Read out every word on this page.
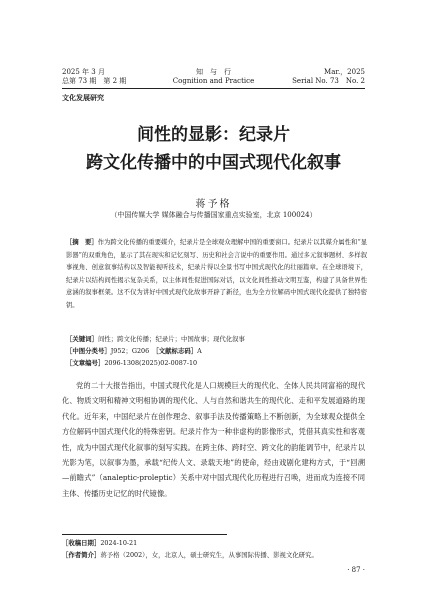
2025 年 3 月
总第 73 期　第 2 期
知　与　行
Cognition and Practice
Mar.，2025
Serial No. 73　No. 2
文化发展研究
间性的显影：纪录片
跨文化传播中的中国式现代化叙事
蒋予格
（中国传媒大学 媒体融合与传播国家重点实验室，北京 100024）
［摘　要］作为跨文化传播的重要媒介，纪录片是全球观众理解中国的重要窗口。纪录片以其媒介属性和“显影器”的双重角色，显示了其在现实和记忆刻写、历史和社会言说中的重要作用。通过多元叙事题材、多样叙事视角、创意叙事结构以及智能视听技术，纪录片得以全景书写中国式现代化的壮丽篇章。在全球语境下，纪录片以结构间性揭示复杂关系，以主体间性促进国际对话，以文化间性推动文明互鉴，构建了具备世界性意涵的叙事框架。这不仅为讲好中国式现代化故事开辟了新径，也为全方位解码中国式现代化提供了独特密钥。
［关键词］间性；跨文化传播；纪录片；中国故事；现代化叙事
［中图分类号］J952；G206　 ［文献标志码］A
［文章编号］2096-1308(2025)02-0087-10
党的二十大报告指出，中国式现代化是人口规模巨大的现代化、全体人民共同富裕的现代化、物质文明和精神文明相协调的现代化、人与自然和谐共生的现代化、走和平发展道路的现代化。近年来，中国纪录片在创作理念、叙事手法及传播策略上不断创新，为全球观众提供全方位解码中国式现代化的特殊密钥。纪录片作为一种非虚构的影像形式，凭借其真实性和客观性，成为中国式现代化叙事的刻写实践。在跨主体、跨时空、跨文化的韵能调节中，纪录片以光影为笔，以叙事为墨，承载“纪传人文、录载天地”的使命，经由戏剧化建构方式，于“回溯—前瞻式”（analeptic-proleptic）关系中对中国式现代化历程进行召唤，进而成为连接不同主体、传播历史记忆的时代镜像。
［收稿日期］2024-10-21
［作者简介］蒋予格（2002），女，北京人，硕士研究生，从事国际传播、影视文化研究。
· 87 ·
